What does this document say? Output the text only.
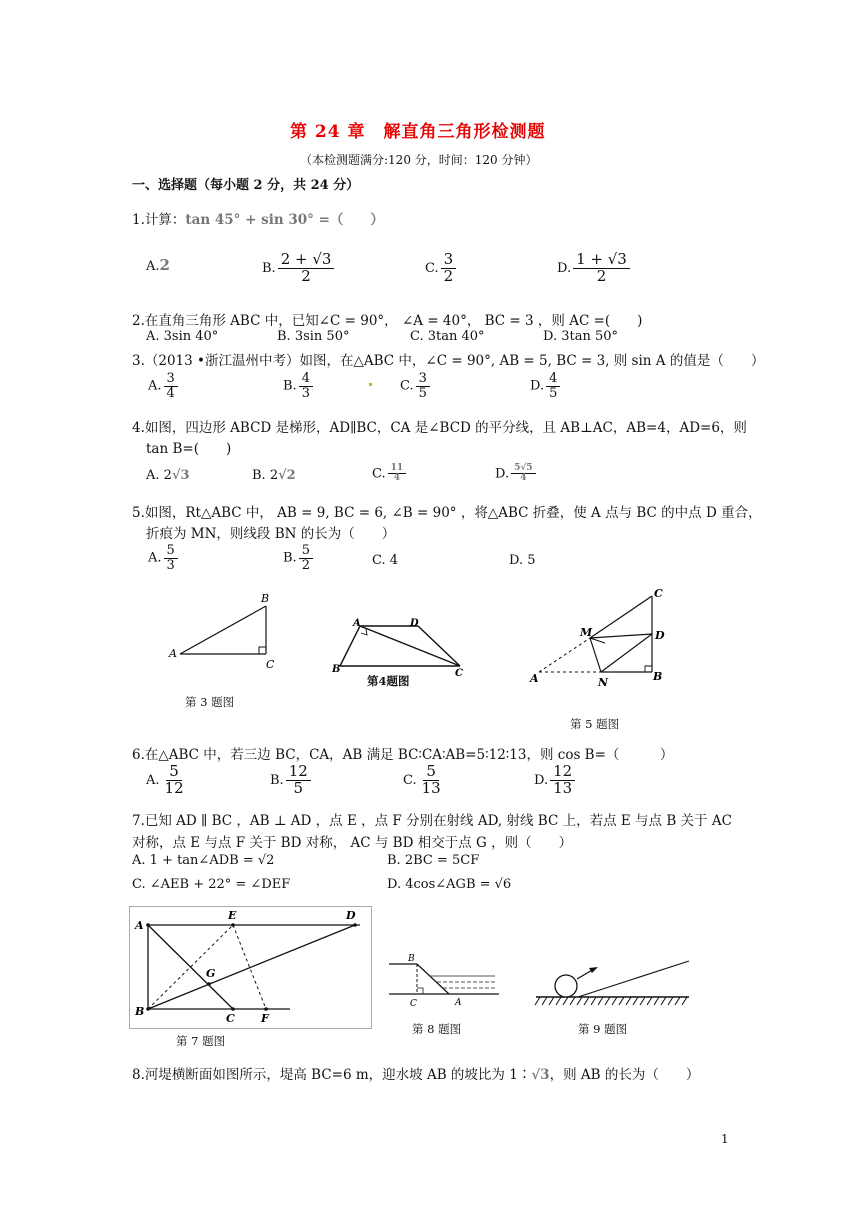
第 24 章　解直角三角形检测题
（本检测题满分:120 分，时间：120 分钟）
一、选择题（每小题 2 分，共 24 分）
1.计算：tan 45° + sin 30° =（　　）
A.2	B. $\frac{2 + √3}{2}$	C. $\frac{3}{2}$	D. $\frac{1 + √3}{2}$
2.在直角三角形 ABC 中，已知∠C = 90°， ∠A = 40°， BC = 3 ，则 AC =(　　)
A. 3sin 40°	B. 3sin 50°	C. 3tan 40°	D. 3tan 50°
3.（2013 •浙江温州中考）如图，在△ABC 中，∠C = 90°, AB = 5, BC = 3, 则 sin A 的值是（　　）
A. $\frac{3}{4}$	B. $\frac{4}{3}$	C. $\frac{3}{5}$	D. $\frac{4}{5}$
4.如图，四边形 ABCD 是梯形，AD∥BC，CA 是∠BCD 的平分线，且 AB⊥AC，AB=4，AD=6，则
tan B=(　　)
A. 2√3	B. 2√2	C. $\frac{11}{4}$	D. $\frac{5√5}{4}$
5.如图，Rt△ABC 中， AB = 9, BC = 6, ∠B = 90° ，将△ABC 折叠，使 A 点与 BC 的中点 D 重合，
折痕为 MN，则线段 BN 的长为（　　）
A. $\frac{5}{3}$	B. $\frac{5}{2}$	C. 4	D. 5
A
B
C
第 3 题图
A	D
B	C
第4题图	A	B
C
D
M
N
第 5 题图
6.在△ABC 中，若三边 BC，CA，AB 满足 BC∶CA∶AB=5∶12∶13，则 cos B=（　　　）
A. $\frac{5}{12}$	B. $\frac{12}{5}$	C. $\frac{5}{13}$	D. $\frac{12}{13}$
7.已知 AD ∥ BC ，AB ⊥ AD ，点 E ，点 F 分别在射线 AD, 射线 BC 上，若点 E 与点 B 关于 AC
对称，点 E 与点 F 关于 BD 对称， AC 与 BD 相交于点 G ，则（　　）
A. 1 + tan∠ADB = √2	B. 2BC = 5CF
C. ∠AEB + 22° = ∠DEF	D. 4cos∠AGB = √6
A
B
C
D
E
F
G
第 7 题图
B
C	A
第 8 题图	第 9 题图
8.河堤横断面如图所示，堤高 BC=6 m，迎水坡 AB 的坡比为 1∶√3，则 AB 的长为（　　）
1
